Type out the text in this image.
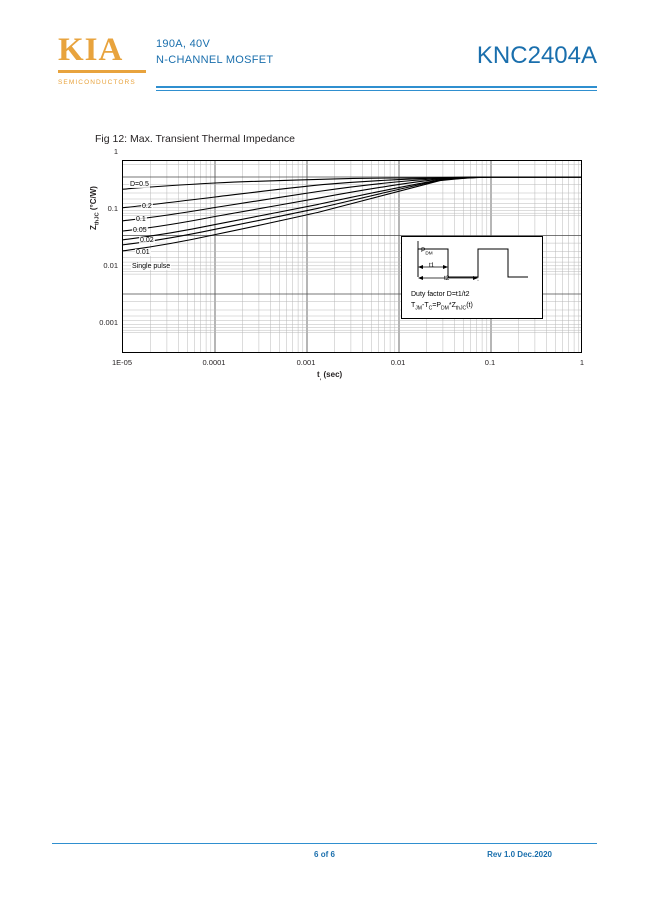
KIA
SEMICONDUCTORS
190A, 40V
N-CHANNEL MOSFET	KNC2404A
Fig 12: Max. Transient Thermal Impedance
$Z_{thJC}$ (°C/W)
0.001
0.01
0.1
1
1E-05	0.0001	0.001	0.01	0.1	1
$t_,$ (sec)
D=0.5
0.2
0.1
0.05
0.02
0.01
Single pulse
$P_{DM}$
t1
t2
Duty factor D=t1/t2
$T_{JM}-T_C=P_{DM}*Z_{thJC}(t)$
6 of 6	Rev 1.0 Dec.2020
